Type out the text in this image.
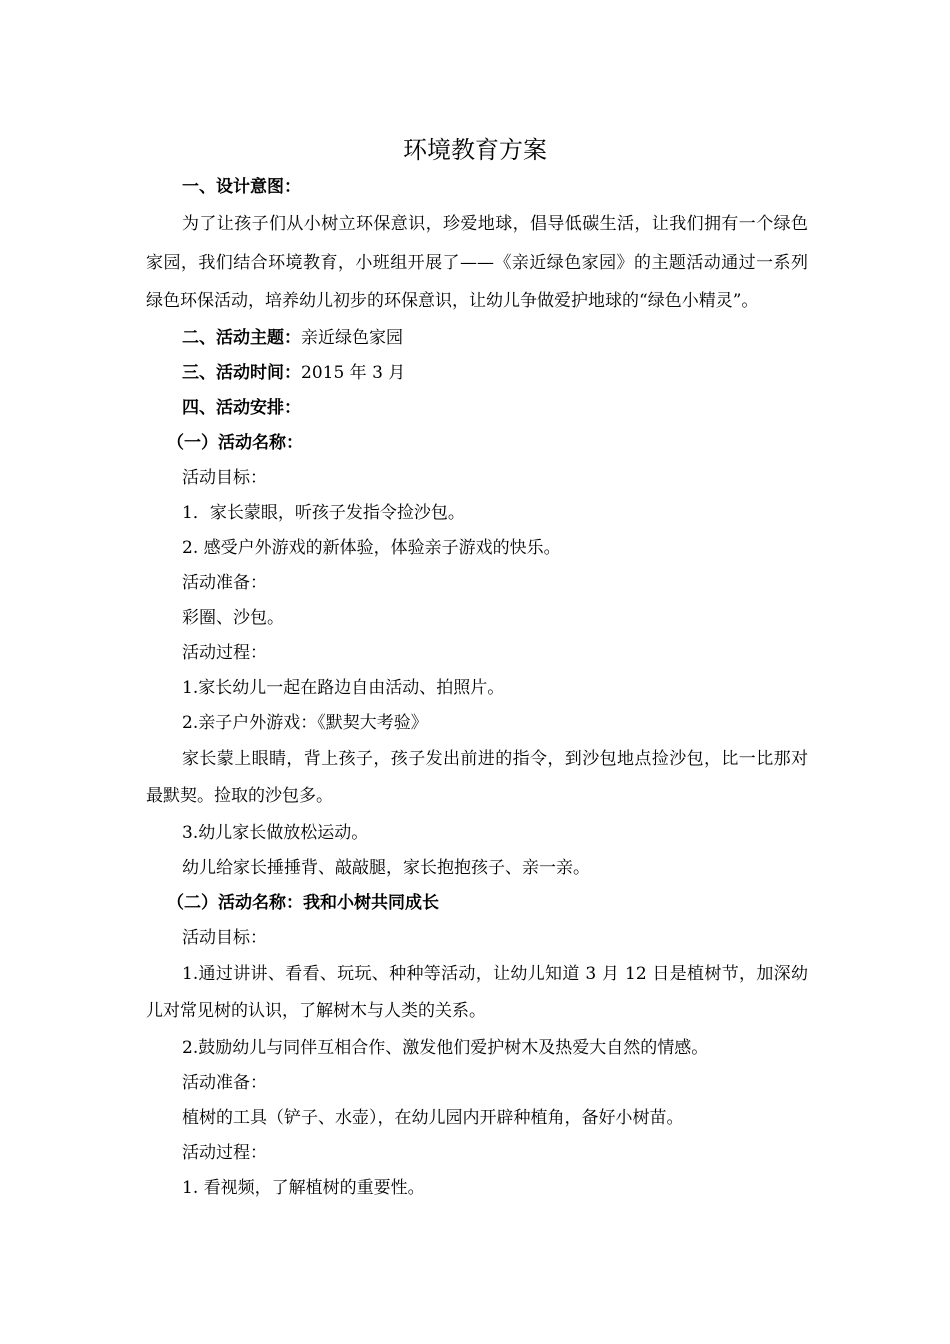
环境教育方案

一、设计意图：

为了让孩子们从小树立环保意识，珍爱地球，倡导低碳生活，让我们拥有一个绿色家园，我们结合环境教育，小班组开展了——《亲近绿色家园》的主题活动通过一系列绿色环保活动，培养幼儿初步的环保意识，让幼儿争做爱护地球的“绿色小精灵”。

二、活动主题：亲近绿色家园

三、活动时间：2015 年 3 月

四、活动安排：

（一）活动名称：

活动目标：

1．家长蒙眼，听孩子发指令捡沙包。

2. 感受户外游戏的新体验，体验亲子游戏的快乐。

活动准备：

彩圈、沙包。

活动过程：

1.家长幼儿一起在路边自由活动、拍照片。

2.亲子户外游戏：《默契大考验》

家长蒙上眼睛，背上孩子，孩子发出前进的指令，到沙包地点捡沙包，比一比那对最默契。捡取的沙包多。

3.幼儿家长做放松运动。

幼儿给家长捶捶背、敲敲腿，家长抱抱孩子、亲一亲。

（二）活动名称：我和小树共同成长

活动目标：

1.通过讲讲、看看、玩玩、种种等活动，让幼儿知道 3 月 12 日是植树节，加深幼儿对常见树的认识，了解树木与人类的关系。

2.鼓励幼儿与同伴互相合作、激发他们爱护树木及热爱大自然的情感。

活动准备：

植树的工具（铲子、水壶），在幼儿园内开辟种植角，备好小树苗。

活动过程：

1. 看视频，了解植树的重要性。
